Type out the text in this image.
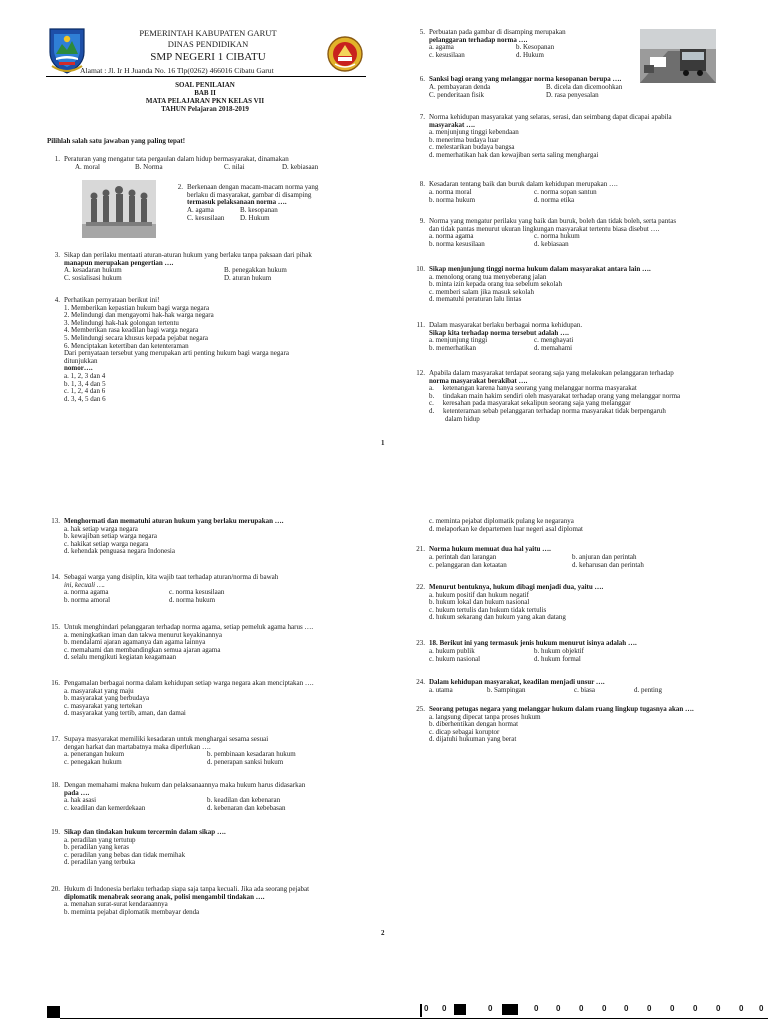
PEMERINTAH KABUPATEN GARUT
DINAS PENDIDIKAN
SMP NEGERI 1 CIBATU
Alamat : Jl. Ir H Juanda No. 16 Tlp(0262) 466016 Cibatu Garut
SOAL PENILAIAN
BAB II
MATA PELAJARAN PKN KELAS VII
TAHUN Pelajaran 2018-2019
Pilihlah salah satu jawaban yang paling tepat!
1. Peraturan yang mengatur tata pergaulan dalam hidup bermasyarakat, dinamakan
A. moral	B. Norma	C. nilai	D. kebiasaan
2. Berkenaan dengan macam-macam norma yang
berlaku di masyarakat, gambar di disamping
termasuk pelaksanaan norma ….
A. agama	B. kesopanan
C. kesusilaan D. Hukum
3. Sikap dan perilaku mentaati aturan-aturan hukum yang berlaku tanpa paksaan dari pihak
manapun merupakan pengertian ….
A. kesadaran hukum	B. penegakkan hukum
C. sosialisasi hukum	D. aturan hukum
4. Perhatikan pernyataan berikut ini!
1. Memberikan kepastian hukum bagi warga negara
2. Melindungi dan mengayomi hak-hak warga negara
3. Melindungi hak-hak golongan tertentu
4. Memberikan rasa keadilan bagi warga negara
5. Melindungi secara khusus kepada pejabat negara
6. Menciptakan ketertiban dan ketenteraman
Dari pernyataan tersebut yang merupakan arti penting hukum bagi warga negara
ditunjukkan
nomor….
a. 1, 2, 3 dan 4
b. 1, 3, 4 dan 5
c. 1, 2, 4 dan 6
d. 3, 4, 5 dan 6
5. Perbuatan pada gambar di disamping merupakan
pelanggaran terhadap norma ….
a. agama	b. Kesopanan
c. kesusilaan	d. Hukum
6. Sanksi bagi orang yang melanggar norma kesopanan berupa ….
A. pembayaran denda	B. dicela dan dicemoohkan
C. penderitaan fisik	D. rasa penyesalan
7. Norma kehidupan masyarakat yang selaras, serasi, dan seimbang dapat dicapai apabila
masyarakat ….
a. menjunjung tinggi kebendaan
b. menerima budaya luar
c. melestarikan budaya bangsa
d. memerhatikan hak dan kewajiban serta saling menghargai
8. Kesadaran tentang baik dan buruk dalam kehidupan merupakan ….
a. norma moral	c. norma sopan santun
b. norma hukum	d. norma etika
9. Norma yang mengatur perilaku yang baik dan buruk, boleh dan tidak boleh, serta pantas
dan tidak pantas menurut ukuran lingkungan masyarakat tertentu biasa disebut ….
a. norma agama	c. norma hukum
b. norma kesusilaan	d. kebiasaan
10. Sikap menjunjung tinggi norma hukum dalam masyarakat antara lain ….
a. menolong orang tua menyeberang jalan
b. minta izin kepada orang tua sebelum sekolah
c. memberi salam jika masuk sekolah
d. mematuhi peraturan lalu lintas
11. Dalam masyarakat berlaku berbagai norma kehidupan.
Sikap kita terhadap norma tersebut adalah ….
a. menjunjung tinggi	c. menghayati
b. memerhatikan	d. memahami
12. Apabila dalam masyarakat terdapat seorang saja yang melakukan pelanggaran terhadap
norma masyarakat berakibat ….
a.     ketenangan karena hanya seorang yang melanggar norma masyarakat
b.     tindakan main hakim sendiri oleh masyarakat terhadap orang yang melanggar norma
c.     keresahan pada masyarakat sekalipun seorang saja yang melanggar
d.     ketenteraman sebab pelanggaran terhadap norma masyarakat tidak berpengaruh
dalam hidup
1
13. Menghormati dan mematuhi aturan hukum yang berlaku merupakan ….
a. hak setiap warga negara
b. kewajiban setiap warga negara
c. hakikat setiap warga negara
d. kehendak penguasa negara Indonesia
14. Sebagai warga yang disiplin, kita wajib taat terhadap aturan/norma di bawah
ini, kecuali ….
a. norma agama	c. norma kesusilaan
b. norma amoral	d. norma hukum
15. Untuk menghindari pelanggaran terhadap norma agama, setiap pemeluk agama harus ….
a. meningkatkan iman dan takwa menurut keyakinannya
b. mendalami ajaran agamanya dan agama lainnya
c. memahami dan membandingkan semua ajaran agama
d. selalu mengikuti kegiatan keagamaan
16. Pengamalan berbagai norma dalam kehidupan setiap warga negara akan menciptakan ….
a. masyarakat yang maju
b. masyarakat yang berbudaya
c. masyarakat yang tertekan
d. masyarakat yang tertib, aman, dan damai
17. Supaya masyarakat memiliki kesadaran untuk menghargai sesama sesuai
dengan harkat dan martabatnya maka diperlukan ….
a. penerangan hukum	b. pembinaan kesadaran hukum
c. penegakan hukum	d. penerapan sanksi hukum
18. Dengan memahami makna hukum dan pelaksanaannya maka hukum harus didasarkan
pada ….
a. hak asasi	b. keadilan dan kebenaran
c. keadilan dan kemerdekaan	d. kebenaran dan kebebasan
19. Sikap dan tindakan hukum tercermin dalam sikap ….
a. peradilan yang tertutup
b. peradilan yang keras
c. peradilan yang bebas dan tidak memihak
d. peradilan yang terbuka
20. Hukum di Indonesia berlaku terhadap siapa saja tanpa kecuali. Jika ada seorang pejabat
diplomatik menabrak seorang anak, polisi mengambil tindakan ….
a. menahan surat-surat kendaraannya
b. meminta pejabat diplomatik membayar denda
c. meminta pejabat diplomatik pulang ke negaranya
d. melaporkan ke departemen luar negeri asal diplomat
21. Norma hukum memuat dua hal yaitu ….
a. perintah dan larangan	b. anjuran dan perintah
c. pelanggaran dan ketaatan	d. keharusan dan perintah
22. Menurut bentuknya, hukum dibagi menjadi dua, yaitu ….
a. hukum positif dan hukum negatif
b. hukum lokal dan hukum nasional
c. hukum tertulis dan hukum tidak tertulis
d. hukum sekarang dan hukum yang akan datang
23. 18. Berikut ini yang termasuk jenis hukum menurut isinya adalah ….
a. hukum publik	b. hukum objektif
c. hukum nasional	d. hukum formal
24. Dalam kehidupan masyarakat, keadilan menjadi unsur ….
a. utama	b. Sampingan	c. biasa	d. penting
25. Seorang petugas negara yang melanggar hukum dalam ruang lingkup tugasnya akan ….
a. langsung dipecat tanpa proses hukum
b. diberhentikan dengan hormat
c. dicap sebagai koruptor
d. dijatuhi hukuman yang berat
2
0	0	0	0	0	0	0	0	0	0	0	0	0	0
